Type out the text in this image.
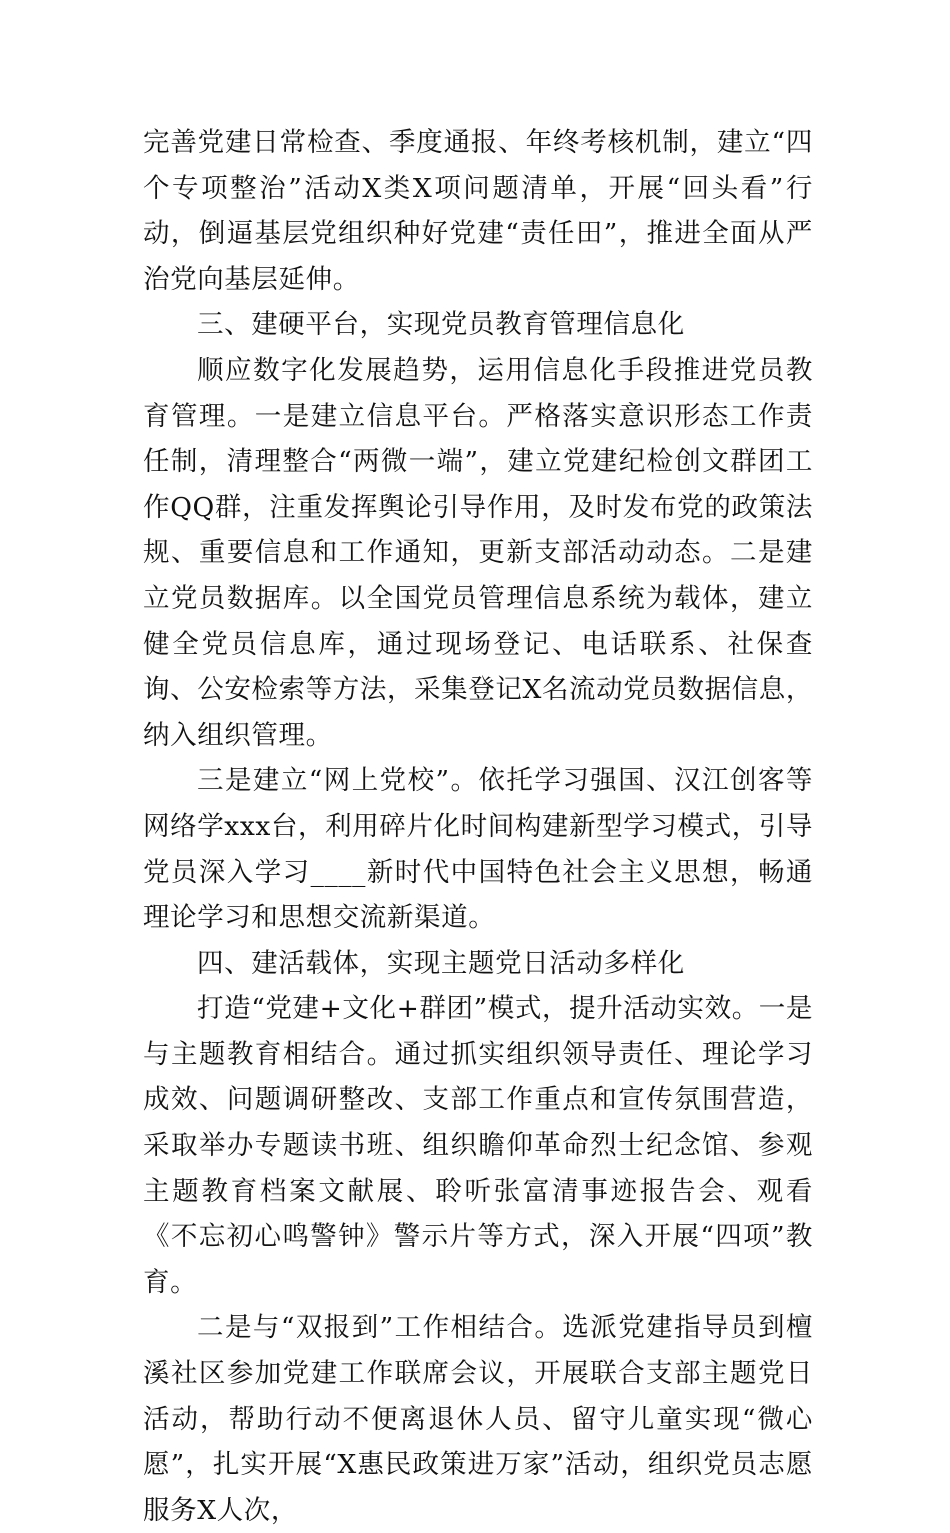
完善党建日常检查、季度通报、年终考核机制，建立“四个专项整治”活动X类X项问题清单，开展“回头看”行动，倒逼基层党组织种好党建“责任田”，推进全面从严治党向基层延伸。

三、建硬平台，实现党员教育管理信息化

顺应数字化发展趋势，运用信息化手段推进党员教育管理。一是建立信息平台。严格落实意识形态工作责任制，清理整合“两微一端”，建立党建纪检创文群团工作QQ群，注重发挥舆论引导作用，及时发布党的政策法规、重要信息和工作通知，更新支部活动动态。二是建立党员数据库。以全国党员管理信息系统为载体，建立健全党员信息库，通过现场登记、电话联系、社保查询、公安检索等方法，采集登记X名流动党员数据信息，纳入组织管理。

三是建立“网上党校”。依托学习强国、汉江创客等网络学xxx台，利用碎片化时间构建新型学习模式，引导党员深入学习____新时代中国特色社会主义思想，畅通理论学习和思想交流新渠道。

四、建活载体，实现主题党日活动多样化

打造“党建+文化+群团”模式，提升活动实效。一是与主题教育相结合。通过抓实组织领导责任、理论学习成效、问题调研整改、支部工作重点和宣传氛围营造，采取举办专题读书班、组织瞻仰革命烈士纪念馆、参观主题教育档案文献展、聆听张富清事迹报告会、观看《不忘初心鸣警钟》警示片等方式，深入开展“四项”教育。

二是与“双报到”工作相结合。选派党建指导员到檀溪社区参加党建工作联席会议，开展联合支部主题党日活动，帮助行动不便离退休人员、留守儿童实现“微心愿”，扎实开展“X惠民政策进万家”活动，组织党员志愿服务X人次，
